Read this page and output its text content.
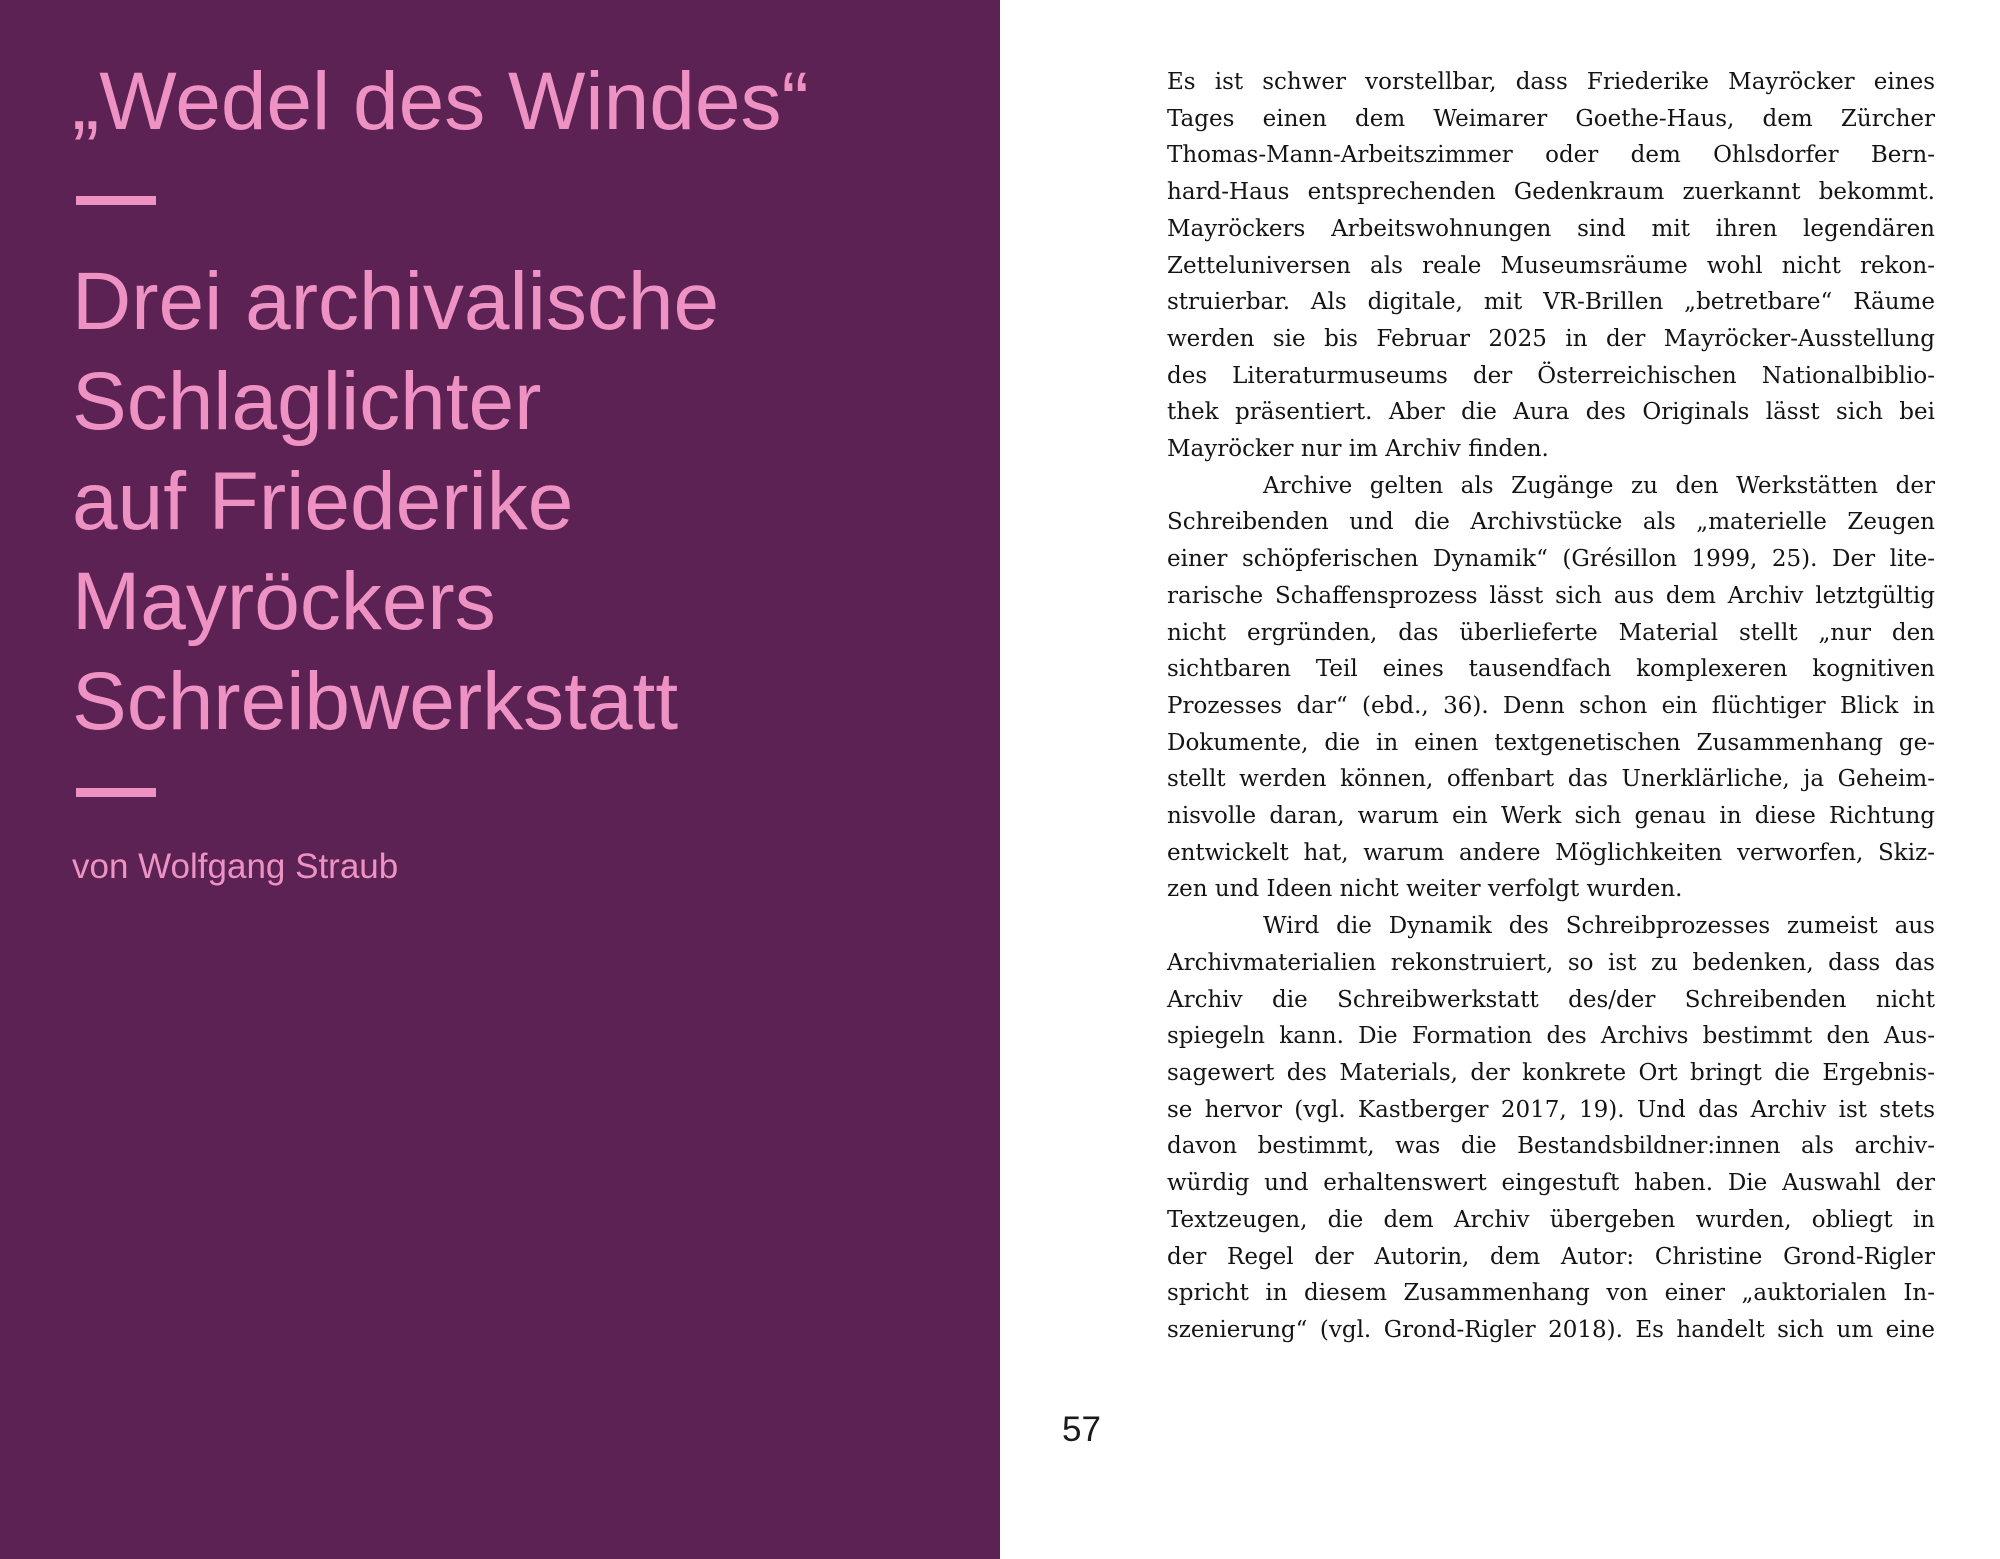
„Wedel des Windes“
Drei archivalische
Schlaglichter
auf Friederike
Mayröckers
Schreibwerkstatt

von Wolfgang Straub

57

Es ist schwer vorstellbar, dass Friederike Mayröcker eines
Tages einen dem Weimarer Goethe-Haus, dem Zürcher
Thomas-Mann-Arbeitszimmer oder dem Ohlsdorfer Bern-
hard-Haus entsprechenden Gedenkraum zuerkannt bekommt.
Mayröckers Arbeitswohnungen sind mit ihren legendären
Zetteluniversen als reale Museumsräume wohl nicht rekon-
struierbar. Als digitale, mit VR-Brillen „betretbare“ Räume
werden sie bis Februar 2025 in der Mayröcker-Ausstellung
des Literaturmuseums der Österreichischen Nationalbiblio-
thek präsentiert. Aber die Aura des Originals lässt sich bei
Mayröcker nur im Archiv finden.

Archive gelten als Zugänge zu den Werkstätten der
Schreibenden und die Archivstücke als „materielle Zeugen
einer schöpferischen Dynamik“ (Grésillon 1999, 25). Der lite-
rarische Schaffensprozess lässt sich aus dem Archiv letztgültig
nicht ergründen, das überlieferte Material stellt „nur den
sichtbaren Teil eines tausendfach komplexeren kognitiven
Prozesses dar“ (ebd., 36). Denn schon ein flüchtiger Blick in
Dokumente, die in einen textgenetischen Zusammenhang ge-
stellt werden können, offenbart das Unerklärliche, ja Geheim-
nisvolle daran, warum ein Werk sich genau in diese Richtung
entwickelt hat, warum andere Möglichkeiten verworfen, Skiz-
zen und Ideen nicht weiter verfolgt wurden.

Wird die Dynamik des Schreibprozesses zumeist aus
Archivmaterialien rekonstruiert, so ist zu bedenken, dass das
Archiv die Schreibwerkstatt des/der Schreibenden nicht
spiegeln kann. Die Formation des Archivs bestimmt den Aus-
sagewert des Materials, der konkrete Ort bringt die Ergebnis-
se hervor (vgl. Kastberger 2017, 19). Und das Archiv ist stets
davon bestimmt, was die Bestandsbildner:innen als archiv-
würdig und erhaltenswert eingestuft haben. Die Auswahl der
Textzeugen, die dem Archiv übergeben wurden, obliegt in
der Regel der Autorin, dem Autor: Christine Grond-Rigler
spricht in diesem Zusammenhang von einer „auktorialen In-
szenierung“ (vgl. Grond-Rigler 2018). Es handelt sich um eine
